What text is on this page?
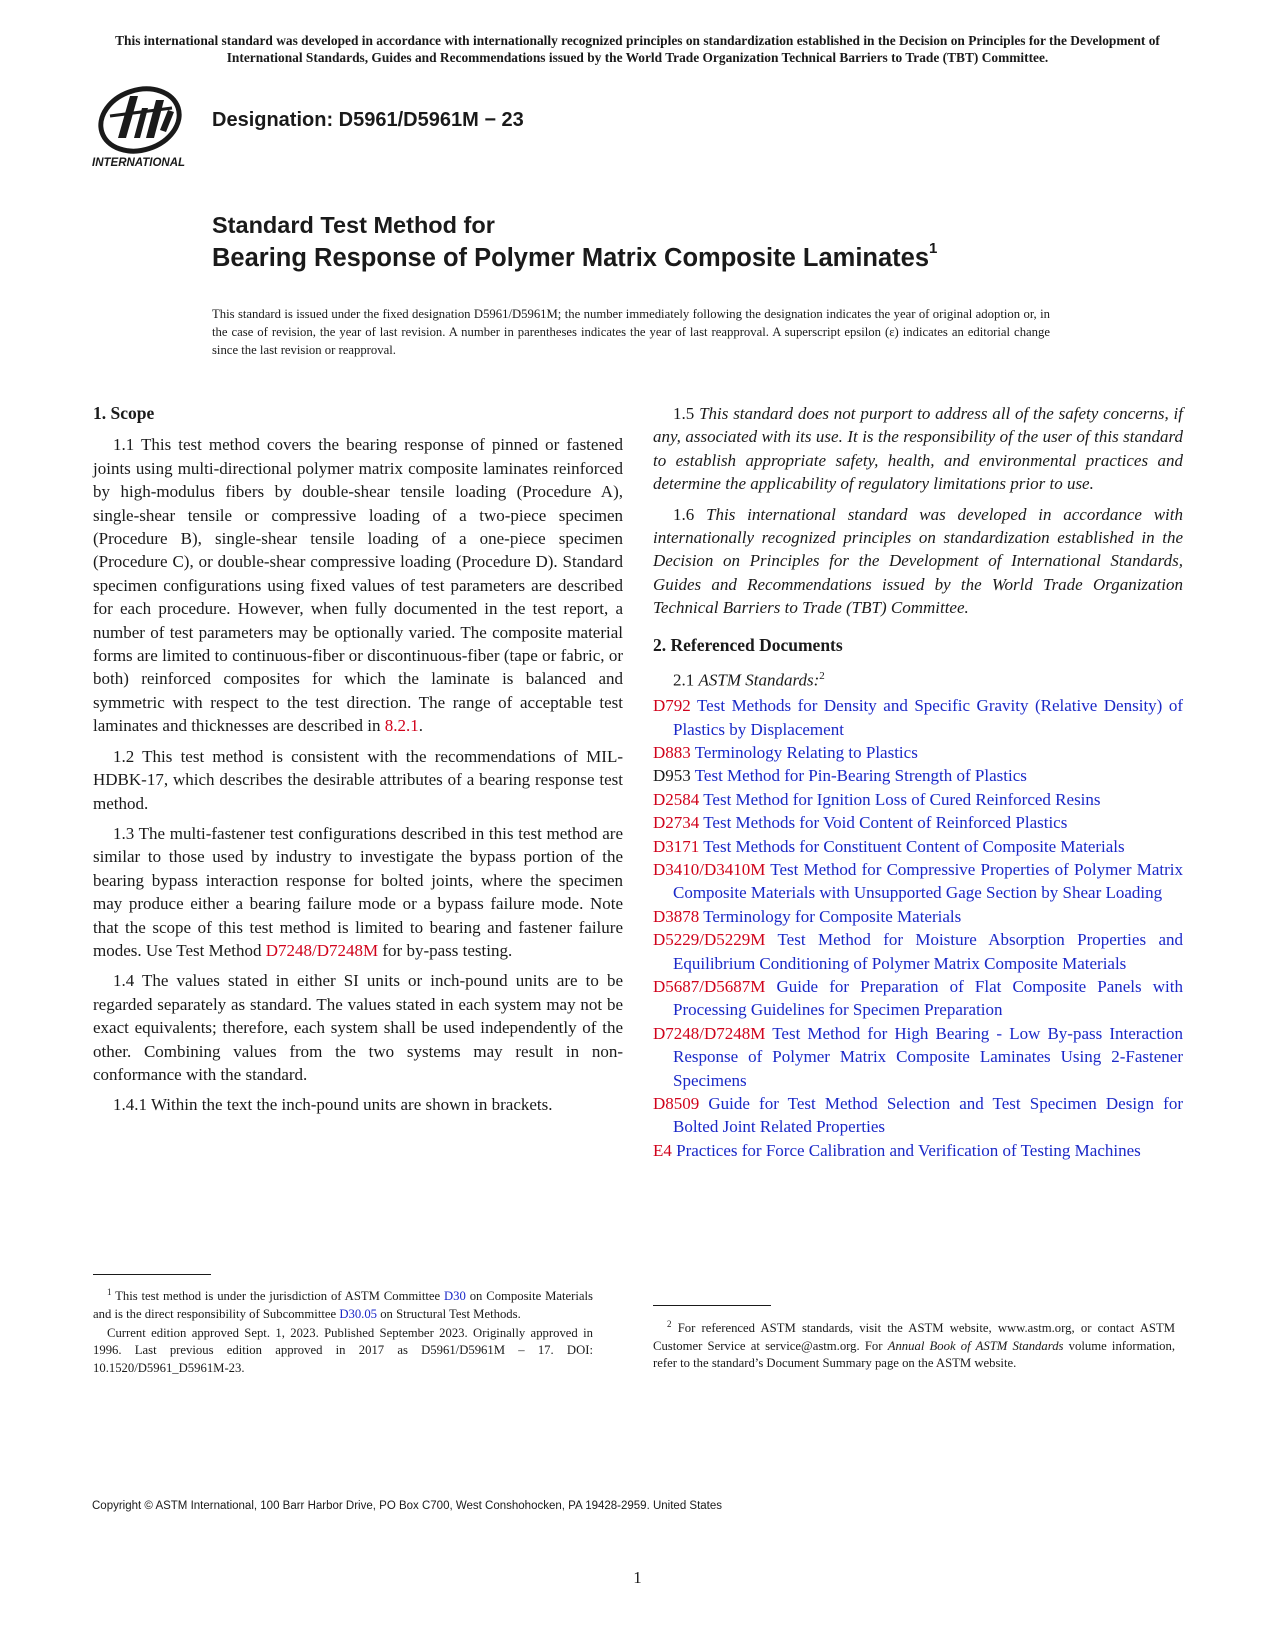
This international standard was developed in accordance with internationally recognized principles on standardization established in the Decision on Principles for the Development of International Standards, Guides and Recommendations issued by the World Trade Organization Technical Barriers to Trade (TBT) Committee.
INTERNATIONAL
Designation: D5961/D5961M − 23
Standard Test Method for
Bearing Response of Polymer Matrix Composite Laminates$^1$
This standard is issued under the fixed designation D5961/D5961M; the number immediately following the designation indicates the year of original adoption or, in the case of revision, the year of last revision. A number in parentheses indicates the year of last reapproval. A superscript epsilon (ε) indicates an editorial change since the last revision or reapproval.
1. Scope

1.1 This test method covers the bearing response of pinned or fastened joints using multi-directional polymer matrix composite laminates reinforced by high-modulus fibers by double-shear tensile loading (Procedure A), single-shear tensile or compressive loading of a two-piece specimen (Procedure B), single-shear tensile loading of a one-piece specimen (Procedure C), or double-shear compressive loading (Procedure D). Standard specimen configurations using fixed values of test parameters are described for each procedure. However, when fully documented in the test report, a number of test parameters may be optionally varied. The composite material forms are limited to continuous-fiber or discontinuous-fiber (tape or fabric, or both) reinforced composites for which the laminate is balanced and symmetric with respect to the test direction. The range of acceptable test laminates and thicknesses are described in 8.2.1.

1.2 This test method is consistent with the recommendations of MIL-HDBK-17, which describes the desirable attributes of a bearing response test method.

1.3 The multi-fastener test configurations described in this test method are similar to those used by industry to investigate the bypass portion of the bearing bypass interaction response for bolted joints, where the specimen may produce either a bearing failure mode or a bypass failure mode. Note that the scope of this test method is limited to bearing and fastener failure modes. Use Test Method D7248/D7248M for by-pass testing.

1.4 The values stated in either SI units or inch-pound units are to be regarded separately as standard. The values stated in each system may not be exact equivalents; therefore, each system shall be used independently of the other. Combining values from the two systems may result in non-conformance with the standard.

1.4.1 Within the text the inch-pound units are shown in brackets.

1.5 This standard does not purport to address all of the safety concerns, if any, associated with its use. It is the responsibility of the user of this standard to establish appropriate safety, health, and environmental practices and determine the applicability of regulatory limitations prior to use.

1.6 This international standard was developed in accordance with internationally recognized principles on standardization established in the Decision on Principles for the Development of International Standards, Guides and Recommendations issued by the World Trade Organization Technical Barriers to Trade (TBT) Committee.

2. Referenced Documents

2.1 ASTM Standards:$^2$

D792 Test Methods for Density and Specific Gravity (Relative Density) of Plastics by Displacement
D883 Terminology Relating to Plastics
D953 Test Method for Pin-Bearing Strength of Plastics
D2584 Test Method for Ignition Loss of Cured Reinforced Resins
D2734 Test Methods for Void Content of Reinforced Plastics
D3171 Test Methods for Constituent Content of Composite Materials
D3410/D3410M Test Method for Compressive Properties of Polymer Matrix Composite Materials with Unsupported Gage Section by Shear Loading
D3878 Terminology for Composite Materials
D5229/D5229M Test Method for Moisture Absorption Properties and Equilibrium Conditioning of Polymer Matrix Composite Materials
D5687/D5687M Guide for Preparation of Flat Composite Panels with Processing Guidelines for Specimen Preparation
D7248/D7248M Test Method for High Bearing - Low By-pass Interaction Response of Polymer Matrix Composite Laminates Using 2-Fastener Specimens
D8509 Guide for Test Method Selection and Test Specimen Design for Bolted Joint Related Properties
E4 Practices for Force Calibration and Verification of Testing Machines

$^1$ This test method is under the jurisdiction of ASTM Committee D30 on Composite Materials and is the direct responsibility of Subcommittee D30.05 on Structural Test Methods.

Current edition approved Sept. 1, 2023. Published September 2023. Originally approved in 1996. Last previous edition approved in 2017 as D5961/D5961M – 17. DOI: 10.1520/D5961_D5961M-23.

$^2$ For referenced ASTM standards, visit the ASTM website, www.astm.org, or contact ASTM Customer Service at service@astm.org. For Annual Book of ASTM Standards volume information, refer to the standard’s Document Summary page on the ASTM website.

Copyright © ASTM International, 100 Barr Harbor Drive, PO Box C700, West Conshohocken, PA 19428-2959. United States
1
